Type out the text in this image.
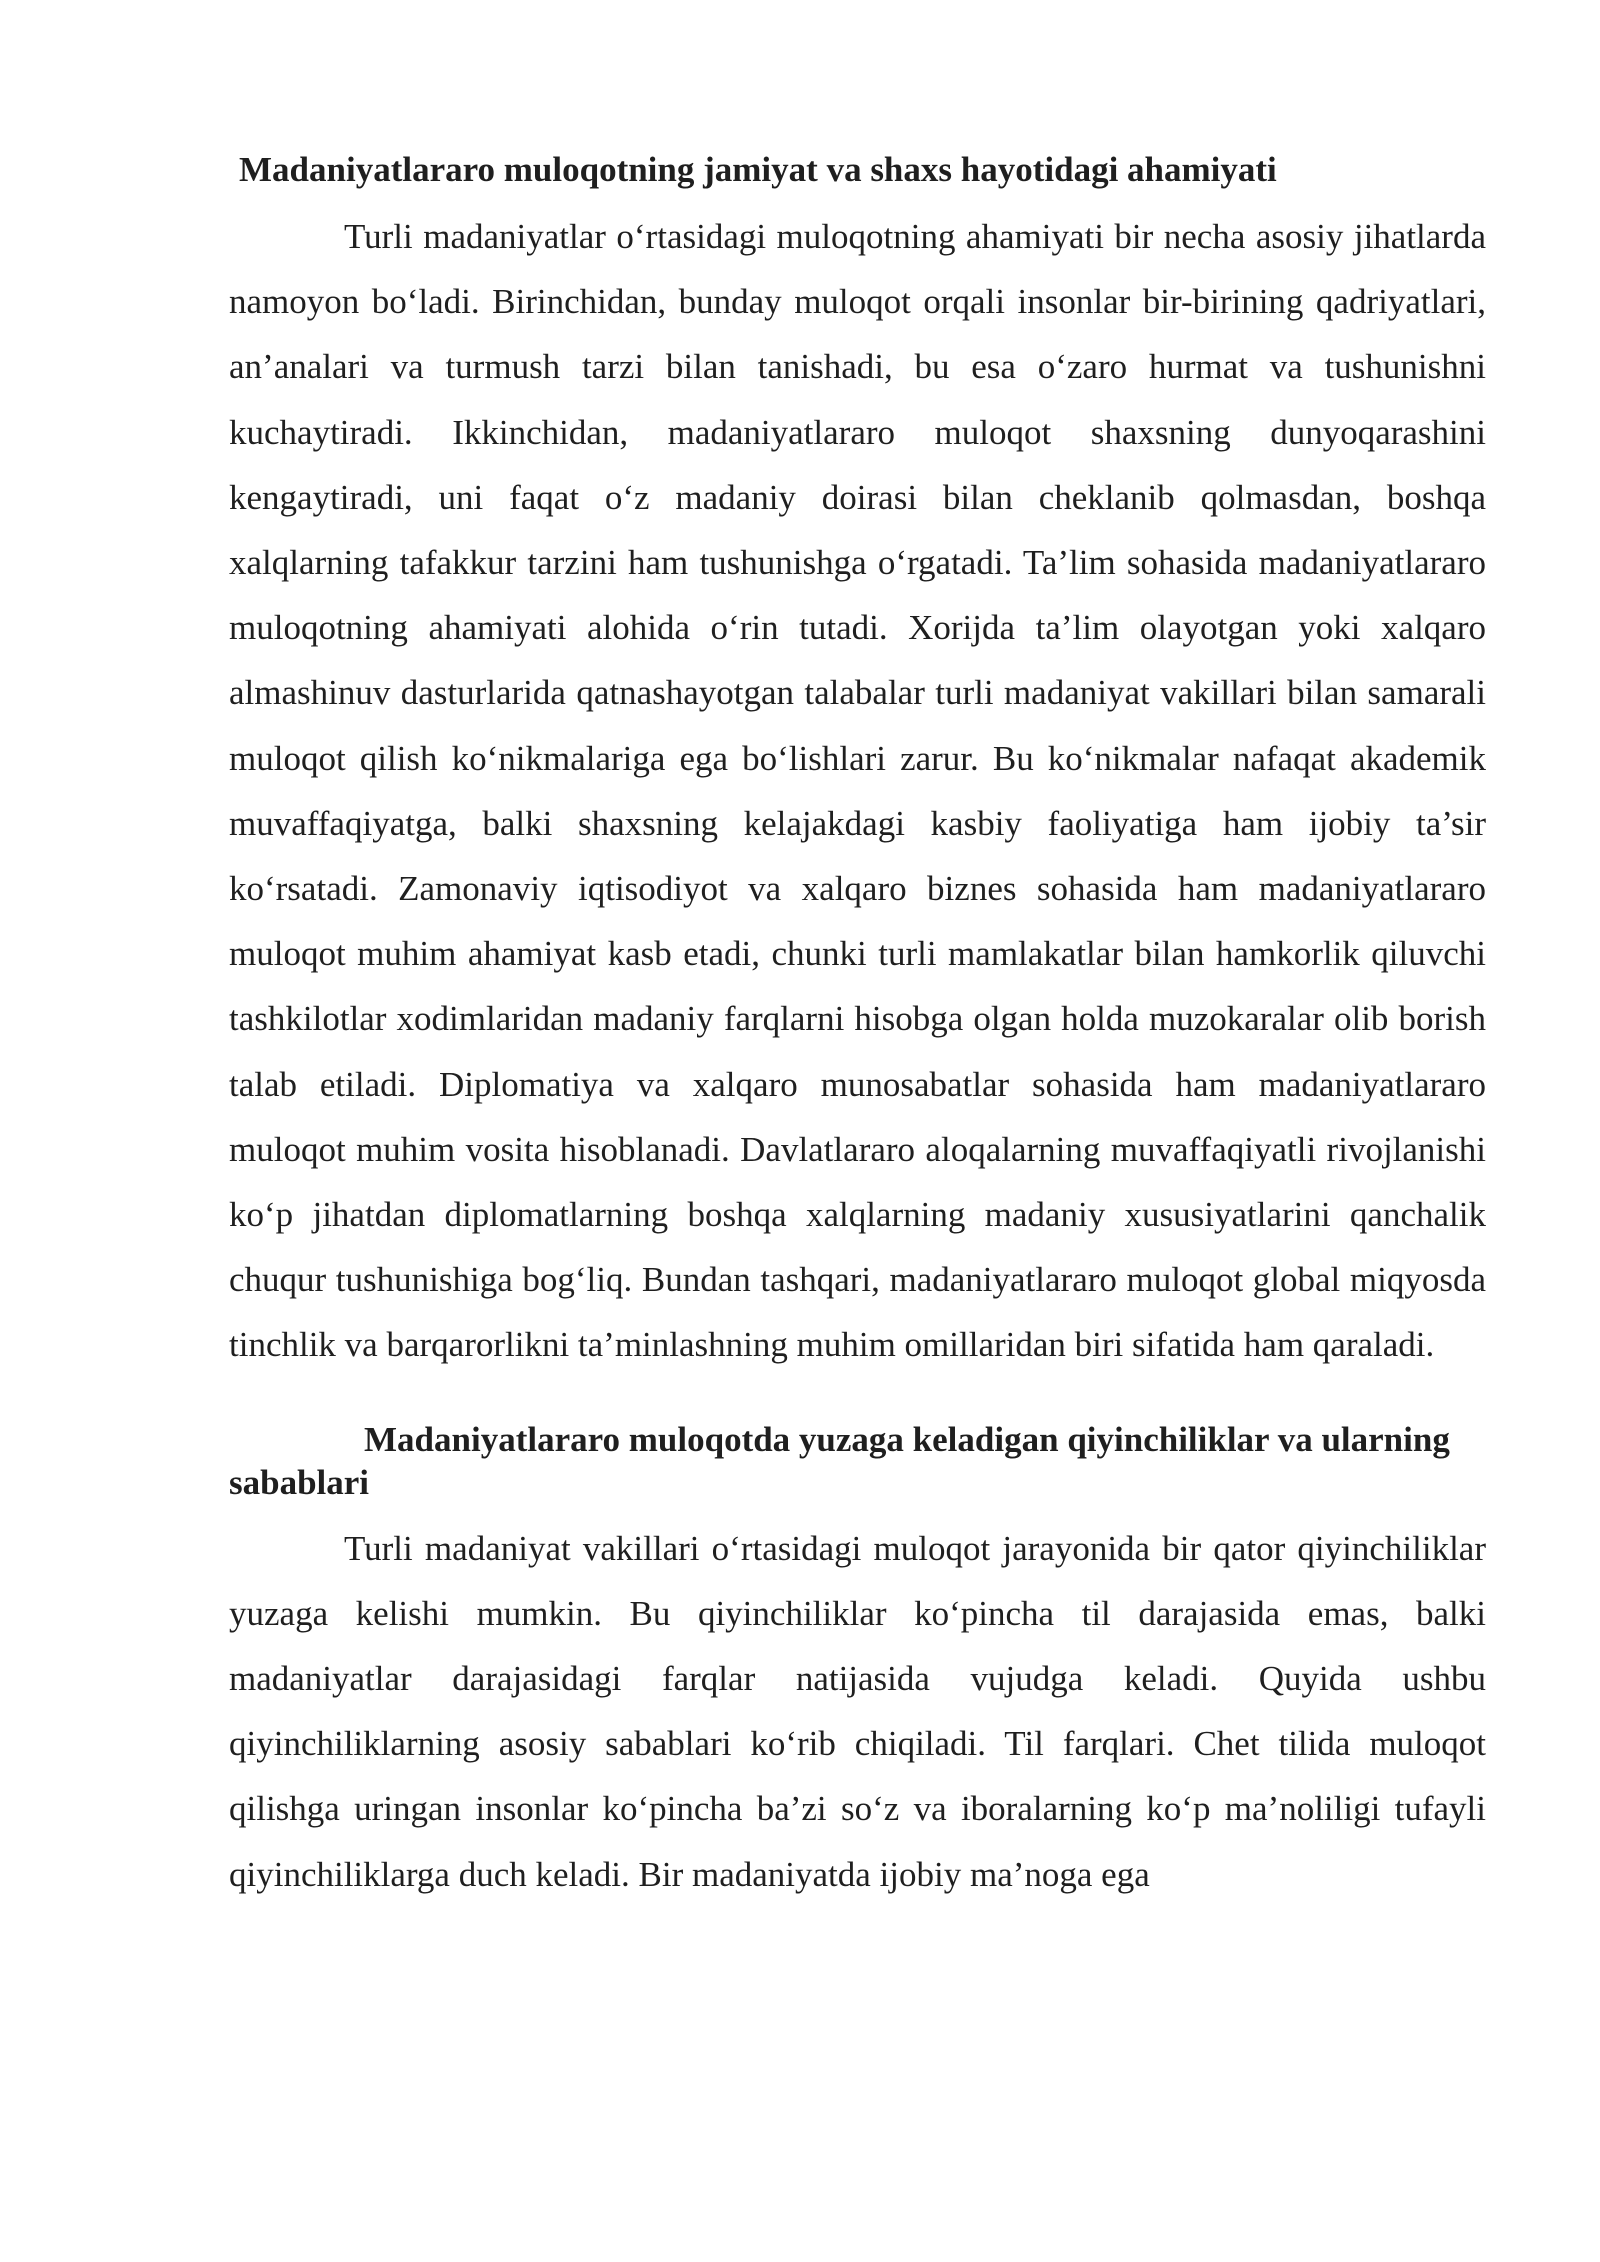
Madaniyatlararo muloqotning jamiyat va shaxs hayotidagi ahamiyati

Turli madaniyatlar o‘rtasidagi muloqotning ahamiyati bir necha asosiy jihatlarda namoyon bo‘ladi. Birinchidan, bunday muloqot orqali insonlar bir-birining qadriyatlari, an’analari va turmush tarzi bilan tanishadi, bu esa o‘zaro hurmat va tushunishni kuchaytiradi. Ikkinchidan, madaniyatlararo muloqot shaxsning dunyoqarashini kengaytiradi, uni faqat o‘z madaniy doirasi bilan cheklanib qolmasdan, boshqa xalqlarning tafakkur tarzini ham tushunishga o‘rgatadi. Ta’lim sohasida madaniyatlararo muloqotning ahamiyati alohida o‘rin tutadi. Xorijda ta’lim olayotgan yoki xalqaro almashinuv dasturlarida qatnashayotgan talabalar turli madaniyat vakillari bilan samarali muloqot qilish ko‘nikmalariga ega bo‘lishlari zarur. Bu ko‘nikmalar nafaqat akademik muvaffaqiyatga, balki shaxsning kelajakdagi kasbiy faoliyatiga ham ijobiy ta’sir ko‘rsatadi. Zamonaviy iqtisodiyot va xalqaro biznes sohasida ham madaniyatlararo muloqot muhim ahamiyat kasb etadi, chunki turli mamlakatlar bilan hamkorlik qiluvchi tashkilotlar xodimlaridan madaniy farqlarni hisobga olgan holda muzokaralar olib borish talab etiladi. Diplomatiya va xalqaro munosabatlar sohasida ham madaniyatlararo muloqot muhim vosita hisoblanadi. Davlatlararo aloqalarning muvaffaqiyatli rivojlanishi ko‘p jihatdan diplomatlarning boshqa xalqlarning madaniy xususiyatlarini qanchalik chuqur tushunishiga bog‘liq. Bundan tashqari, madaniyatlararo muloqot global miqyosda tinchlik va barqarorlikni ta’minlashning muhim omillaridan biri sifatida ham qaraladi.

Madaniyatlararo muloqotda yuzaga keladigan qiyinchiliklar va ularning sabablari

Turli madaniyat vakillari o‘rtasidagi muloqot jarayonida bir qator qiyinchiliklar yuzaga kelishi mumkin. Bu qiyinchiliklar ko‘pincha til darajasida emas, balki madaniyatlar darajasidagi farqlar natijasida vujudga keladi. Quyida ushbu qiyinchiliklarning asosiy sabablari ko‘rib chiqiladi. Til farqlari. Chet tilida muloqot qilishga uringan insonlar ko‘pincha ba’zi so‘z va iboralarning ko‘p ma’noliligi tufayli qiyinchiliklarga duch keladi. Bir madaniyatda ijobiy ma’noga ega
